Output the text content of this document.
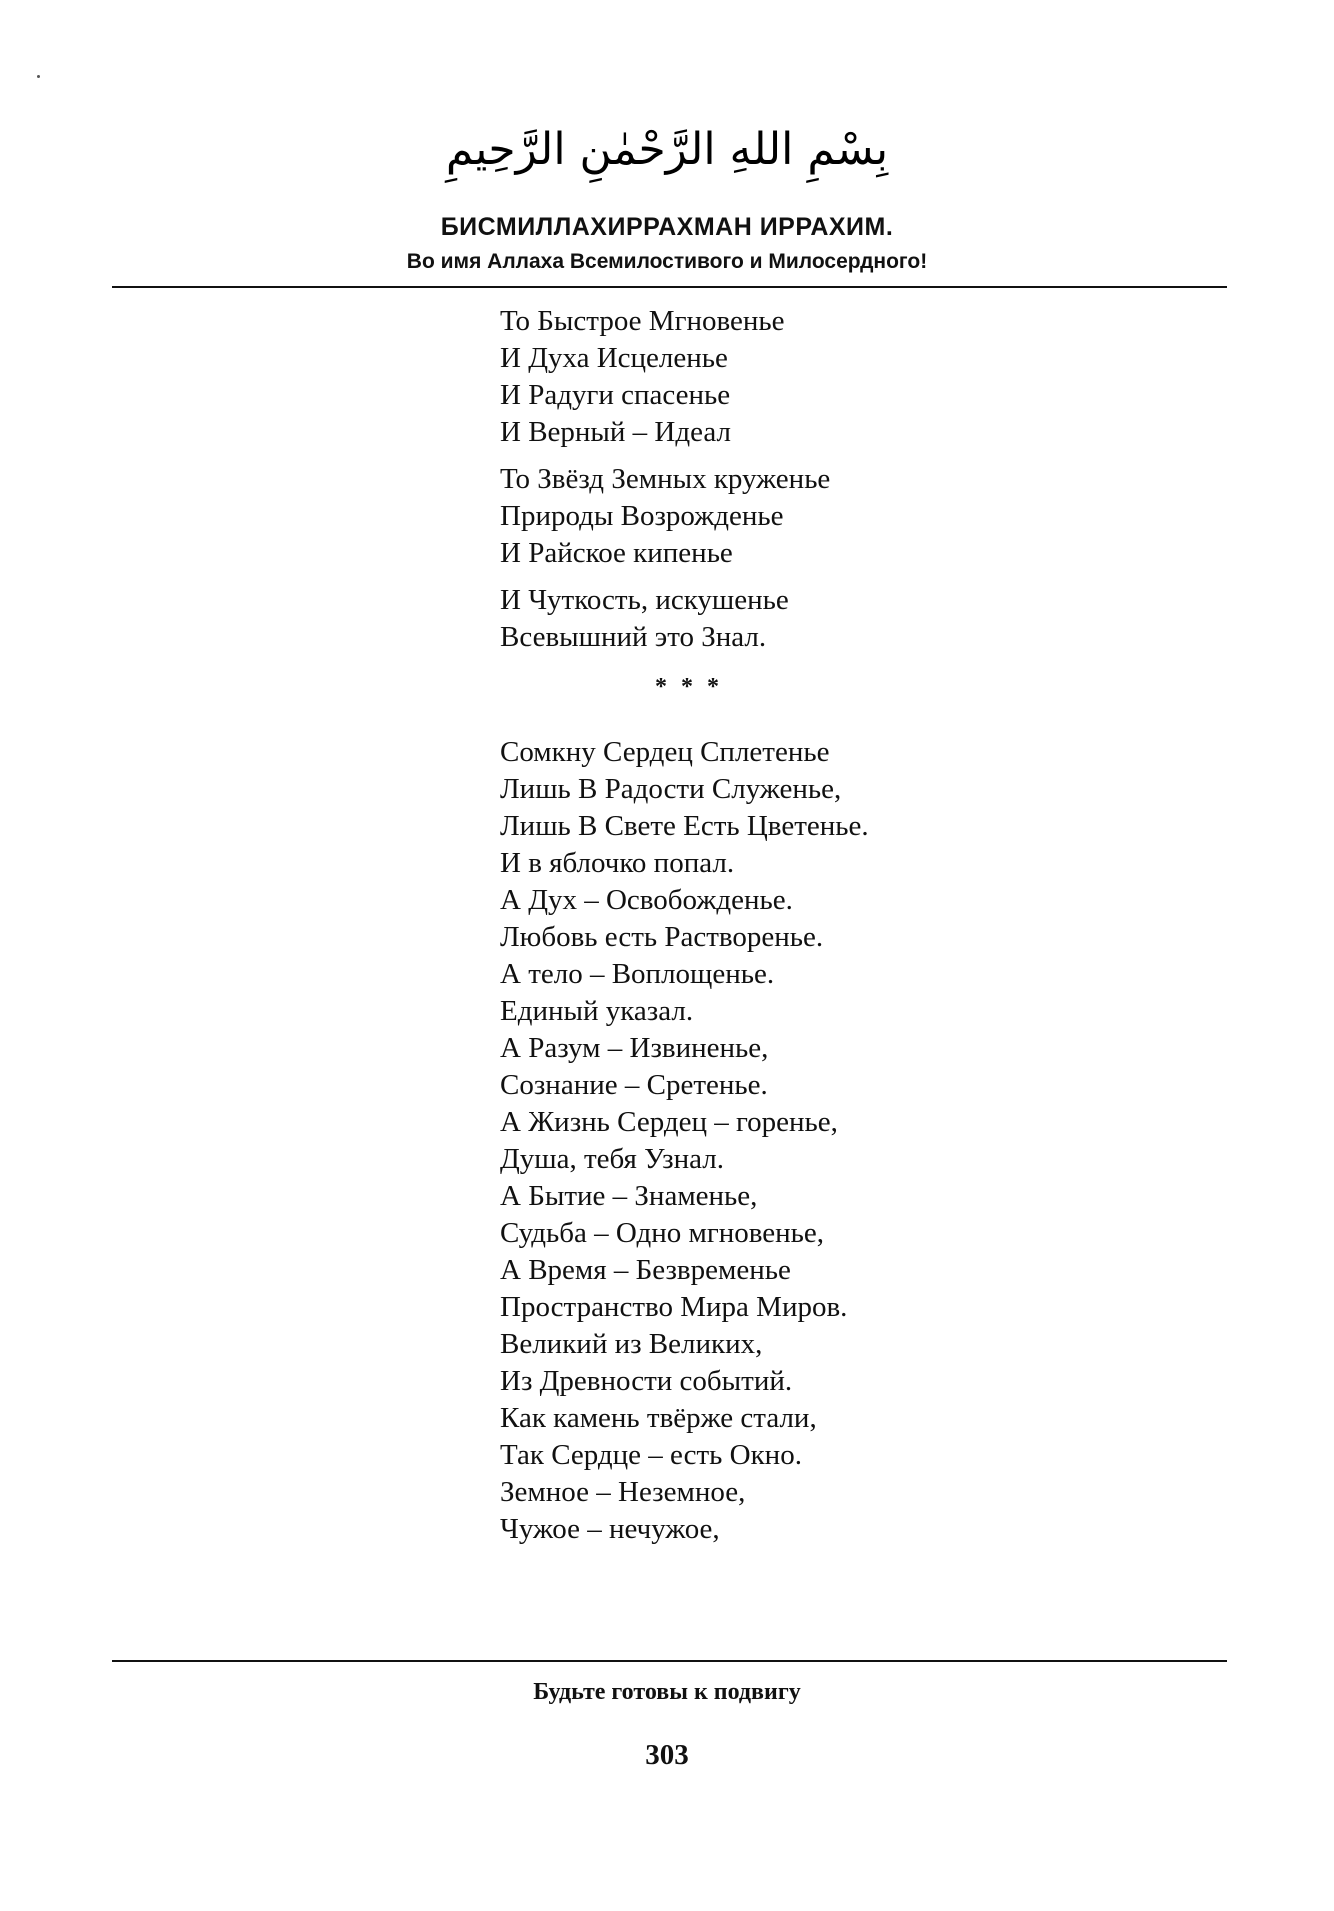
بِسْمِ اللهِ الرَّحْمٰنِ الرَّحِيمِ
БИСМИЛЛАХИРРАХМАН ИРРАХИМ.
Во имя Аллаха Всемилостивого и Милосердного!
То Быстрое Мгновенье
И Духа Исцеленье
И Радуги спасенье
И Верный – Идеал
То Звёзд Земных круженье
Природы Возрожденье
И Райское кипенье
И Чуткость, искушенье
Всевышний это Знал.
* * *
Сомкну Сердец Сплетенье
Лишь В Радости Служенье,
Лишь В Свете Есть Цветенье.
И в яблочко попал.
А Дух – Освобожденье.
Любовь есть Растворенье.
А тело – Воплощенье.
Единый указал.
А Разум – Извиненье,
Сознание – Сретенье.
А Жизнь Сердец – горенье,
Душа, тебя Узнал.
А Бытие – Знаменье,
Судьба – Одно мгновенье,
А Время – Безвременье
Пространство Мира Миров.
Великий из Великих,
Из Древности событий.
Как камень твёрже стали,
Так Сердце – есть Окно.
Земное – Неземное,
Чужое – нечужое,
Будьте готовы к подвигу
303
